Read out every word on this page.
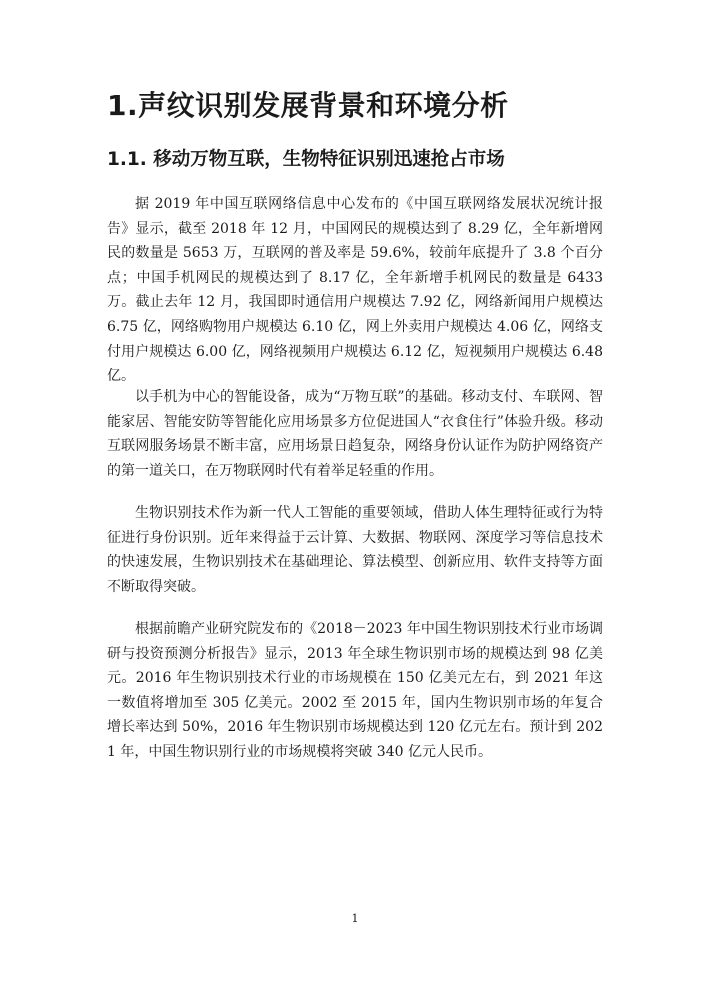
1.声纹识别发展背景和环境分析
1.1. 移动万物互联，生物特征识别迅速抢占市场

据 2019 年中国互联网络信息中心发布的《中国互联网络发展状况统计报告》显示，截至 2018 年 12 月，中国网民的规模达到了 8.29 亿，全年新增网民的数量是 5653 万，互联网的普及率是 59.6%，较前年底提升了 3.8 个百分点；中国手机网民的规模达到了 8.17 亿，全年新增手机网民的数量是 6433 万。截止去年 12 月，我国即时通信用户规模达 7.92 亿，网络新闻用户规模达 6.75 亿，网络购物用户规模达 6.10 亿，网上外卖用户规模达 4.06 亿，网络支付用户规模达 6.00 亿，网络视频用户规模达 6.12 亿，短视频用户规模达 6.48 亿。

以手机为中心的智能设备，成为“万物互联”的基础。移动支付、车联网、智能家居、智能安防等智能化应用场景多方位促进国人“衣食住行”体验升级。移动互联网服务场景不断丰富，应用场景日趋复杂，网络身份认证作为防护网络资产的第一道关口，在万物联网时代有着举足轻重的作用。

生物识别技术作为新一代人工智能的重要领域，借助人体生理特征或行为特征进行身份识别。近年来得益于云计算、大数据、物联网、深度学习等信息技术的快速发展，生物识别技术在基础理论、算法模型、创新应用、软件支持等方面不断取得突破。

根据前瞻产业研究院发布的《2018－2023 年中国生物识别技术行业市场调研与投资预测分析报告》显示，2013 年全球生物识别市场的规模达到 98 亿美元。2016 年生物识别技术行业的市场规模在 150 亿美元左右，到 2021 年这一数值将增加至 305 亿美元。2002 至 2015 年，国内生物识别市场的年复合增长率达到 50%，2016 年生物识别市场规模达到 120 亿元左右。预计到 2021 年，中国生物识别行业的市场规模将突破 340 亿元人民币。

1
